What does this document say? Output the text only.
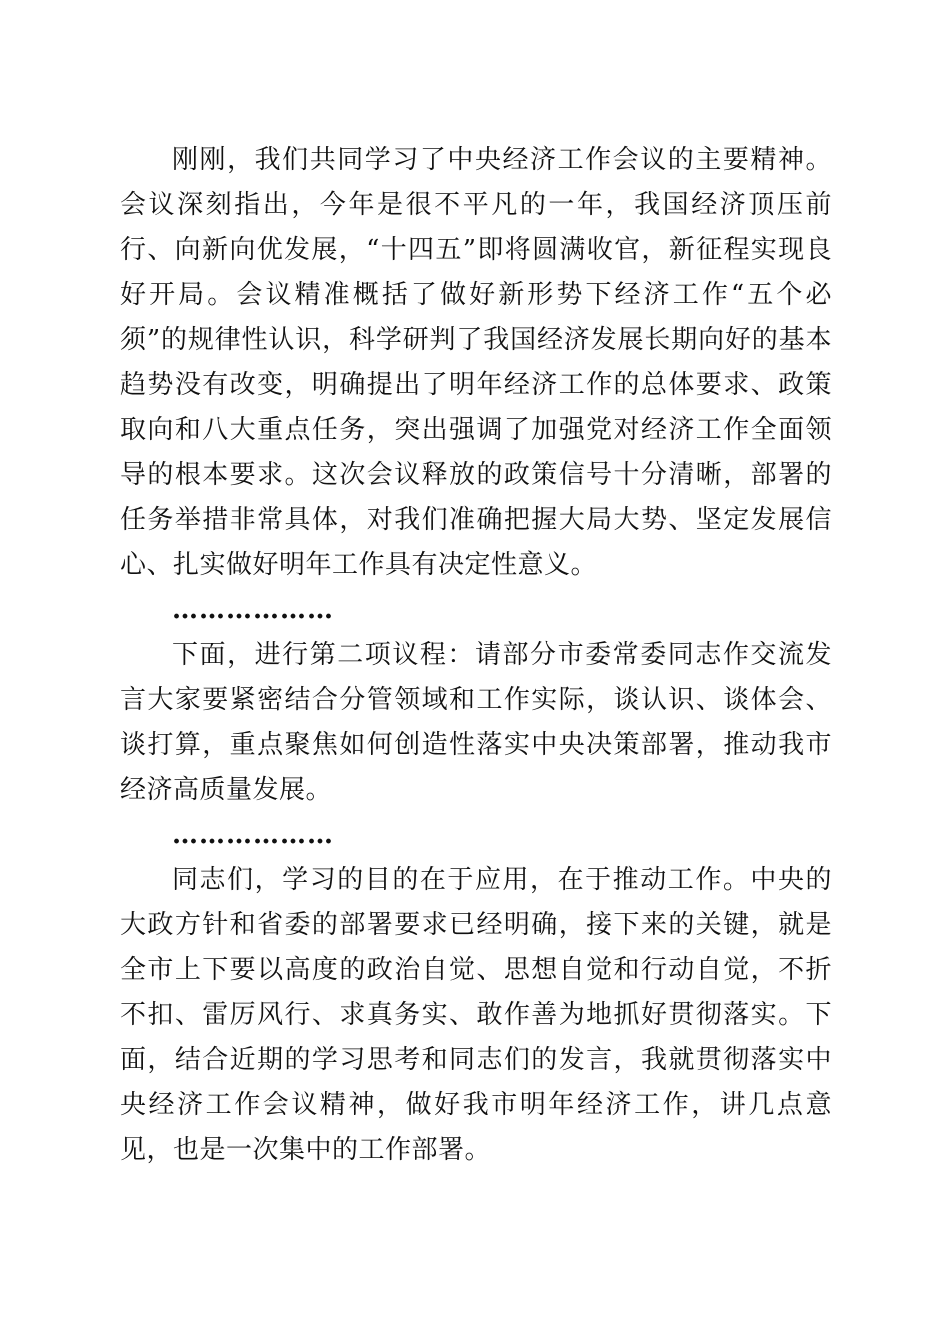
刚刚，我们共同学习了中央经济工作会议的主要精神。会议深刻指出，今年是很不平凡的一年，我国经济顶压前行、向新向优发展，“十四五”即将圆满收官，新征程实现良好开局。会议精准概括了做好新形势下经济工作“五个必须”的规律性认识，科学研判了我国经济发展长期向好的基本趋势没有改变，明确提出了明年经济工作的总体要求、政策取向和八大重点任务，突出强调了加强党对经济工作全面领导的根本要求。这次会议释放的政策信号十分清晰，部署的任务举措非常具体，对我们准确把握大局大势、坚定发展信心、扎实做好明年工作具有决定性意义。

………………

下面，进行第二项议程：请部分市委常委同志作交流发言大家要紧密结合分管领域和工作实际，谈认识、谈体会、谈打算，重点聚焦如何创造性落实中央决策部署，推动我市经济高质量发展。

………………

同志们，学习的目的在于应用，在于推动工作。中央的大政方针和省委的部署要求已经明确，接下来的关键，就是全市上下要以高度的政治自觉、思想自觉和行动自觉，不折不扣、雷厉风行、求真务实、敢作善为地抓好贯彻落实。下面，结合近期的学习思考和同志们的发言，我就贯彻落实中央经济工作会议精神，做好我市明年经济工作，讲几点意见，也是一次集中的工作部署。
